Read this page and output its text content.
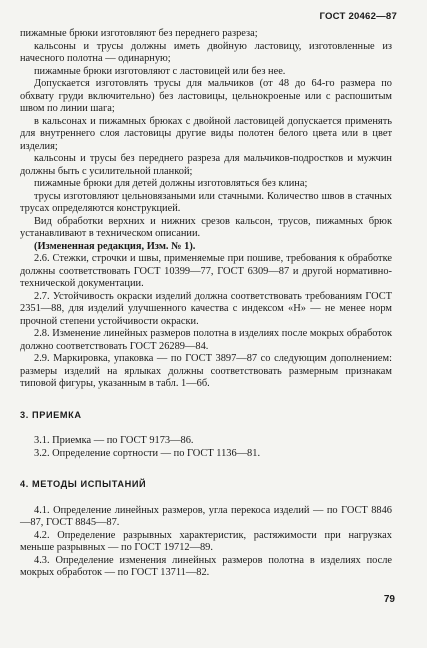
ГОСТ 20462—87

пижамные брюки изготовляют без переднего разреза;

кальсоны и трусы должны иметь двойную ластовицу, изготовленные из начесного полотна — одинарную;

пижамные брюки изготовляют с ластовицей или без нее.

Допускается изготовлять трусы для мальчиков (от 48 до 64-го размера по обхвату груди включительно) без ластовицы, цельнокроеные или с распошитым швом по линии шага;

в кальсонах и пижамных брюках с двойной ластовицей допускается применять для внутреннего слоя ластовицы другие виды полотен белого цвета или в цвет изделия;

кальсоны и трусы без переднего разреза для мальчиков-подростков и мужчин должны быть с усилительной планкой;

пижамные брюки для детей должны изготовляться без клина;

трусы изготовляют цельновязаными или стачными. Количество швов в стачных трусах определяются конструкцией.

Вид обработки верхних и нижних срезов кальсон, трусов, пижамных брюк устанавливают в техническом описании.

(Измененная редакция, Изм. № 1).

2.6. Стежки, строчки и швы, применяемые при пошиве, требования к обработке должны соответствовать ГОСТ 10399—77, ГОСТ 6309—87 и другой нормативно-технической документации.

2.7. Устойчивость окраски изделий должна соответствовать требованиям ГОСТ 2351—88, для изделий улучшенного качества с индексом «Н» — не менее норм прочной степени устойчивости окраски.

2.8. Изменение линейных размеров полотна в изделиях после мокрых обработок должно соответствовать ГОСТ 26289—84.

2.9. Маркировка, упаковка — по ГОСТ 3897—87 со следующим дополнением: размеры изделий на ярлыках должны соответствовать размерным признакам типовой фигуры, указанным в табл. 1—6б.

3. ПРИЕМКА

3.1. Приемка — по ГОСТ 9173—86.

3.2. Определение сортности — по ГОСТ 1136—81.

4. МЕТОДЫ ИСПЫТАНИЙ

4.1. Определение линейных размеров, угла перекоса изделий — по ГОСТ 8846—87, ГОСТ 8845—87.

4.2. Определение разрывных характеристик, растяжимости при нагрузках меньше разрывных — по ГОСТ 19712—89.

4.3. Определение изменения линейных размеров полотна в изделиях после мокрых обработок — по ГОСТ 13711—82.

79
